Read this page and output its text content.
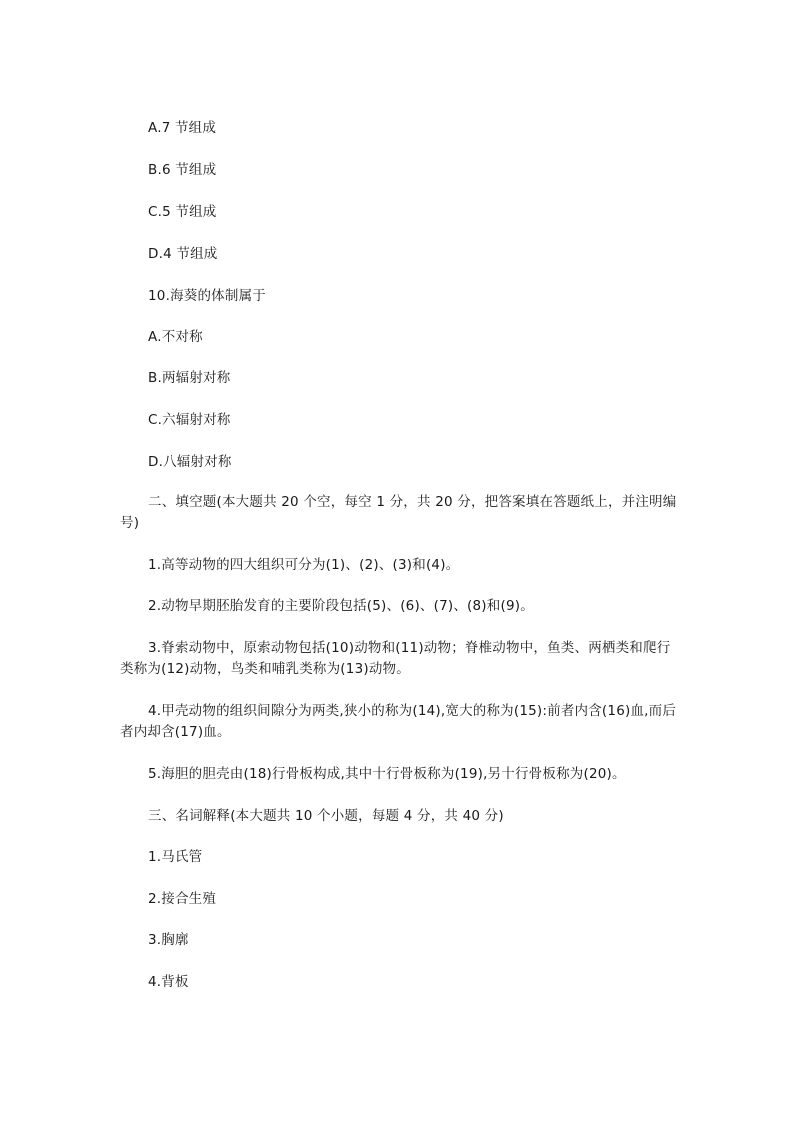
A.7 节组成

B.6 节组成

C.5 节组成

D.4 节组成

10.海葵的体制属于

A.不对称

B.两辐射对称

C.六辐射对称

D.八辐射对称

二、填空题(本大题共 20 个空，每空 1 分，共 20 分，把答案填在答题纸上，并注明编号)

1.高等动物的四大组织可分为(1)、(2)、(3)和(4)。

2.动物早期胚胎发育的主要阶段包括(5)、(6)、(7)、(8)和(9)。

3.脊索动物中，原索动物包括(10)动物和(11)动物；脊椎动物中，鱼类、两栖类和爬行类称为(12)动物，鸟类和哺乳类称为(13)动物。

4.甲壳动物的组织间隙分为两类,狭小的称为(14),宽大的称为(15):前者内含(16)血,而后者内却含(17)血。

5.海胆的胆壳由(18)行骨板构成,其中十行骨板称为(19),另十行骨板称为(20)。

三、名词解释(本大题共 10 个小题，每题 4 分，共 40 分)

1.马氏管

2.接合生殖

3.胸廓

4.背板
